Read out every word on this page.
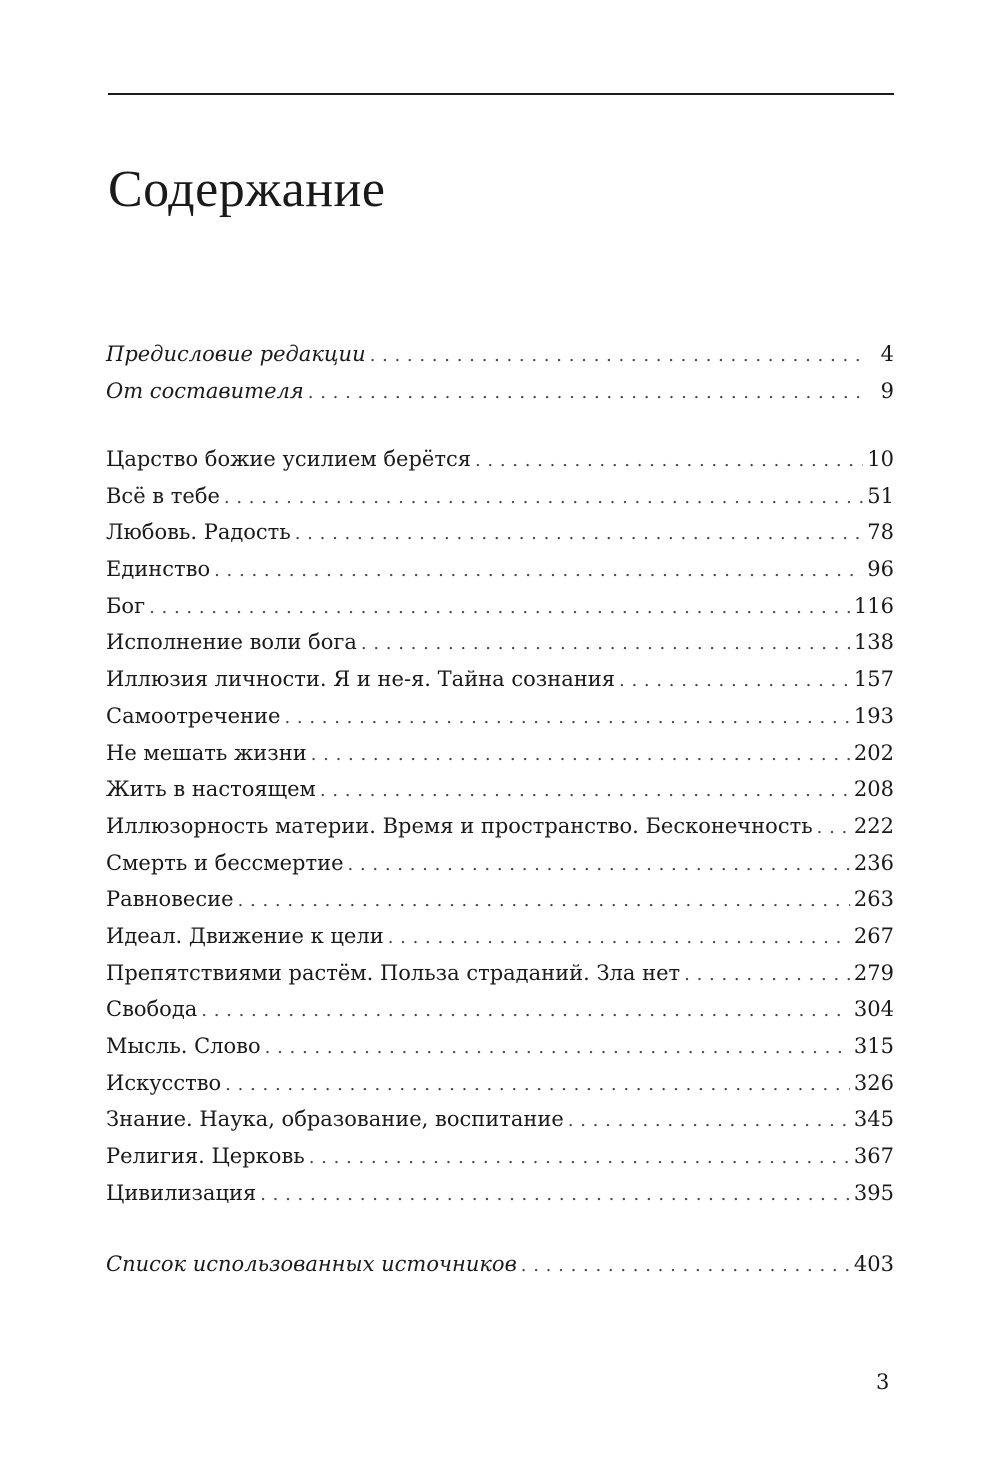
Содержание
Предисловие редакции . . .	4
От составителя . . .	9
Царство божие усилием берётся . . .	10
Всё в тебе . . .	51
Любовь. Радость . . .	78
Единство . . .	96
Бог . . .	116
Исполнение воли бога . . .	138
Иллюзия личности. Я и не-я. Тайна сознания . . .	157
Самоотречение . . .	193
Не мешать жизни . . .	202
Жить в настоящем . . .	208
Иллюзорность материи. Время и пространство. Бесконечность . . . 222
Смерть и бессмертие . . .	236
Равновесие . . .	263
Идеал. Движение к цели . . .	267
Препятствиями растём. Польза страданий. Зла нет . . .	279
Свобода . . .	304
Мысль. Слово . . .	315
Искусство . . .	326
Знание. Наука, образование, воспитание . . .	345
Религия. Церковь . . .	367
Цивилизация . . .	395
Список использованных источников . . .	403
3
